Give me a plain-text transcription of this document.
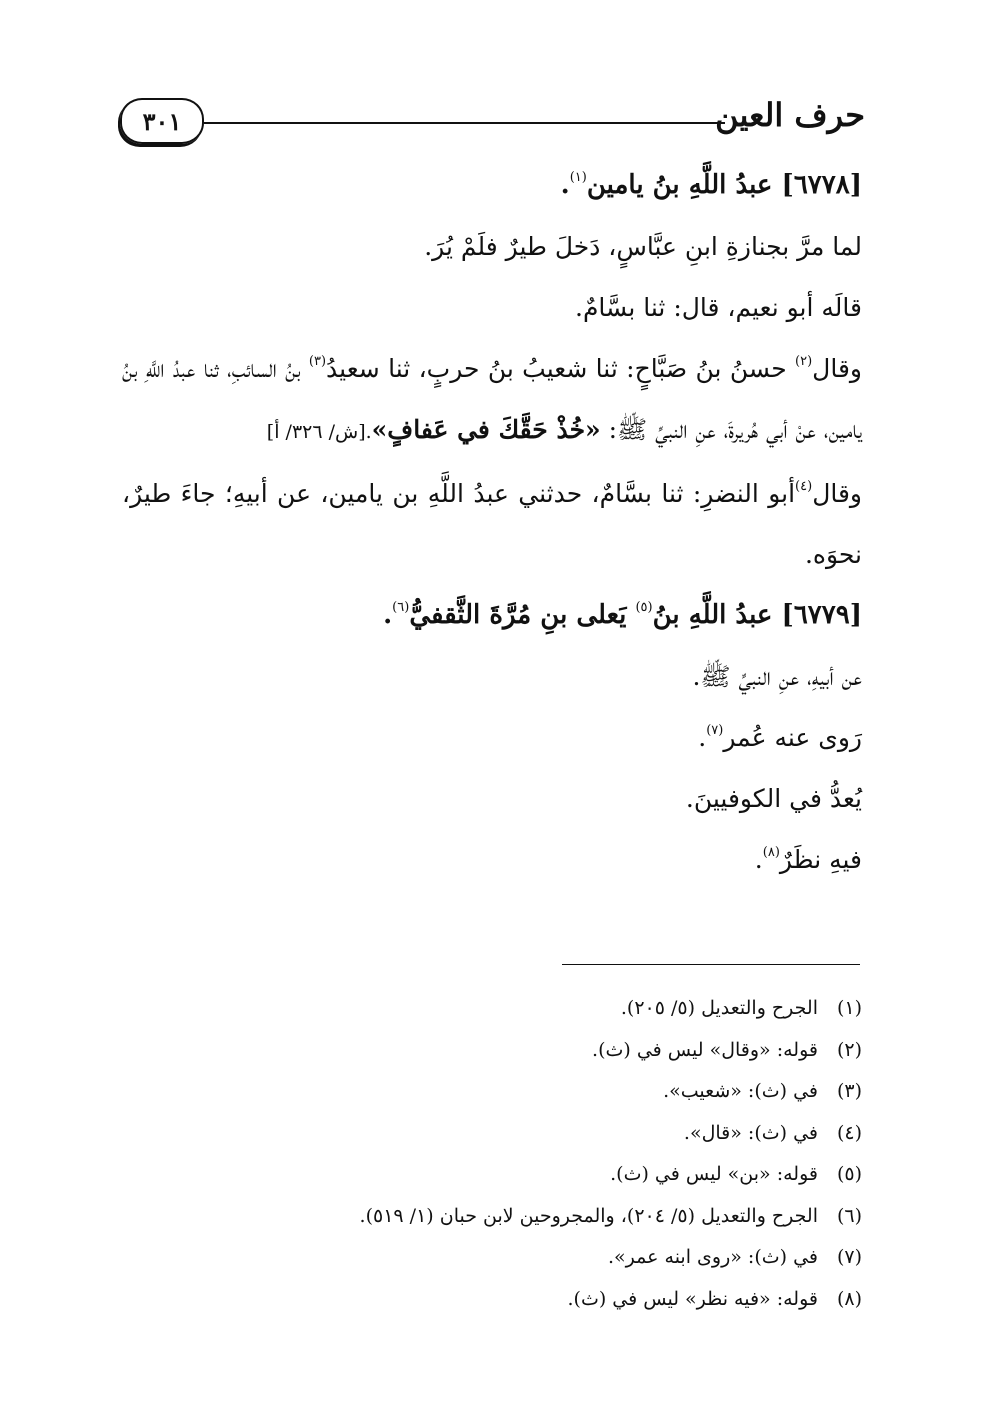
٣٠١	حرف العين

[٦٧٧٨] عبدُ اللَّهِ بنُ يامين$^{(١)}$.

لما مرَّ بجنازةِ ابنِ عبَّاسٍ، دَخلَ طيرٌ فلَمْ يُرَ.

قالَه أبو نعيم، قال: ثنا بسَّامٌ.

وقال$^{(٢)}$ حسنُ بنُ صَبَّاحٍ: ثنا شعيبُ بنُ حربٍ، ثنا سعيدُ$^{(٣)}$ بنُ السائبِ، ثنا عبدُ اللَّهِ بنُ يامين، عنْ أبي هُريرةَ، عنِ النبيِّ ﷺ: «خُذْ حَقَّكَ في عَفافٍ».[ش/ ٣٢٦/ أ]

وقال$^{(٤)}$أبو النضرِ: ثنا بسَّامٌ، حدثني عبدُ اللَّهِ بن يامين، عن أبيهِ؛ جاءَ طيرٌ، نحوَه.

[٦٧٧٩] عبدُ اللَّهِ بنُ$^{(٥)}$ يَعلى بنِ مُرَّةَ الثَّقفيُّ$^{(٦)}$.

عن أبيهِ، عنِ النبيِّ ﷺ.

رَوى عنه عُمر$^{(٧)}$.

يُعدُّ في الكوفيينَ.

فيهِ نظَرٌ$^{(٨)}$.

(١)
الجرح والتعديل (٥/ ٢٠٥).
(٢)
قوله: «وقال» ليس في (ث).
(٣)
في (ث): «شعيب».
(٤)
في (ث): «قال».
(٥)
قوله: «بن» ليس في (ث).
(٦)
الجرح والتعديل (٥/ ٢٠٤)، والمجروحين لابن حبان (١/ ٥١٩).
(٧)
في (ث): «روى ابنه عمر».
(٨)
قوله: «فيه نظر» ليس في (ث).
